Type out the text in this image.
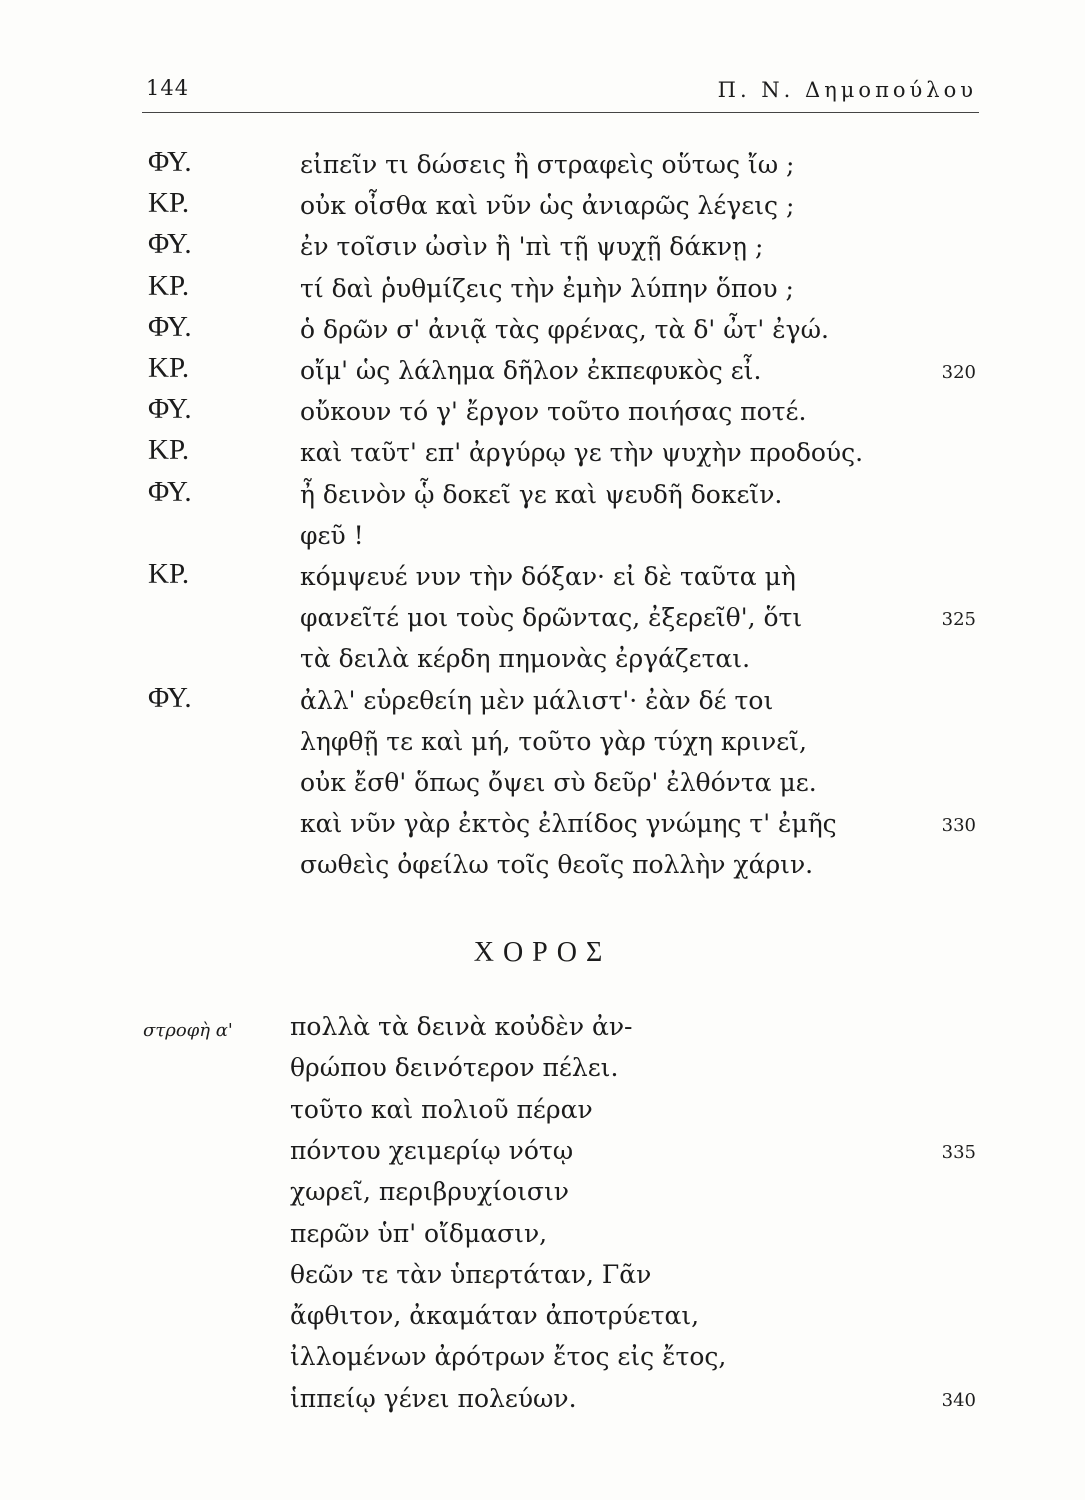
144	Π. Ν. Δημοπούλου
ΦΥ.	εἰπεῖν τι δώσεις ἢ στραφεὶς οὕτως ἴω ;
ΚΡ.	οὐκ οἶσθα καὶ νῦν ὡς ἀνιαρῶς λέγεις ;
ΦΥ.	ἐν τοῖσιν ὠσὶν ἢ 'πὶ τῇ ψυχῇ δάκνῃ ;
ΚΡ.	τί δαὶ ῥυθμίζεις τὴν ἐμὴν λύπην ὅπου ;
ΦΥ.	ὁ δρῶν σ' ἀνιᾷ τὰς φρένας, τὰ δ' ὦτ' ἐγώ.
ΚΡ.	οἴμ' ὡς λάλημα δῆλον ἐκπεφυκὸς εἶ.	320
ΦΥ.	οὔκουν τό γ' ἔργον τοῦτο ποιήσας ποτέ.
ΚΡ.	καὶ ταῦτ' επ' ἀργύρῳ γε τὴν ψυχὴν προδούς.
ΦΥ.	ἦ δεινὸν ᾧ δοκεῖ γε καὶ ψευδῆ δοκεῖν.
φεῦ !
ΚΡ.	κόμψευέ νυν τὴν δόξαν· εἰ δὲ ταῦτα μὴ
φανεῖτέ μοι τοὺς δρῶντας, ἐξερεῖθ', ὅτι	325
τὰ δειλὰ κέρδη πημονὰς ἐργάζεται.
ΦΥ.	ἀλλ' εὑρεθείη μὲν μάλιστ'· ἐὰν δέ τοι
ληφθῇ τε καὶ μή, τοῦτο γὰρ τύχη κρινεῖ,
οὐκ ἔσθ' ὅπως ὄψει σὺ δεῦρ' ἐλθόντα με.
καὶ νῦν γὰρ ἐκτὸς ἐλπίδος γνώμης τ' ἐμῆς	330
σωθεὶς ὀφείλω τοῖς θεοῖς πολλὴν χάριν.
ΧΟΡΟΣ
στροφὴ α' πολλὰ τὰ δεινὰ κοὐδὲν ἀν-
θρώπου δεινότερον πέλει.
τοῦτο καὶ πολιοῦ πέραν
πόντου χειμερίῳ νότῳ	335
χωρεῖ, περιβρυχίοισιν
περῶν ὑπ' οἴδμασιν,
θεῶν τε τὰν ὑπερτάταν, Γᾶν
ἄφθιτον, ἀκαμάταν ἀποτρύεται,
ἰλλομένων ἀρότρων ἔτος εἰς ἔτος,
ἱππείῳ γένει πολεύων.	340
